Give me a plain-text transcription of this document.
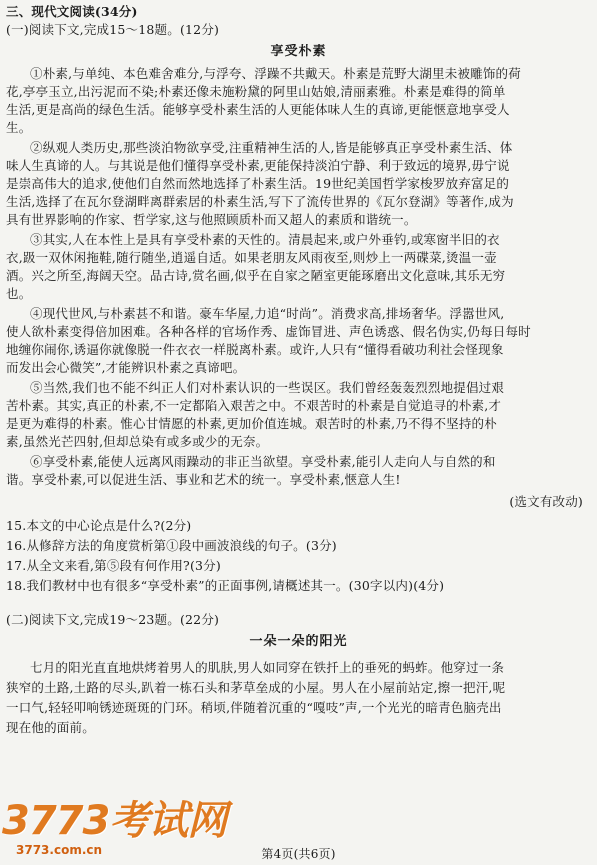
三、现代文阅读(34分)
(一)阅读下文,完成15～18题。(12分)
享受朴素
①朴素,与单纯、本色难舍难分,与浮夸、浮躁不共戴天。朴素是荒野大湖里未被雕饰的荷
花,亭亭玉立,出污泥而不染;朴素还像未施粉黛的阿里山姑娘,清丽素雅。朴素是难得的简单
生活,更是高尚的绿色生活。能够享受朴素生活的人更能体味人生的真谛,更能惬意地享受人
生。
②纵观人类历史,那些淡泊物欲享受,注重精神生活的人,皆是能够真正享受朴素生活、体
味人生真谛的人。与其说是他们懂得享受朴素,更能保持淡泊宁静、利于致远的境界,毋宁说
是崇高伟大的追求,使他们自然而然地选择了朴素生活。19世纪美国哲学家梭罗放弃富足的
生活,选择了在瓦尔登湖畔离群索居的朴素生活,写下了流传世界的《瓦尔登湖》等著作,成为
具有世界影响的作家、哲学家,这与他照顾质朴而又超人的素质和谐统一。
③其实,人在本性上是具有享受朴素的天性的。清晨起来,或户外垂钓,或寒窗半旧的衣
衣,趿一双休闲拖鞋,随行随坐,逍遥自适。如果老朋友风雨夜至,则炒上一两碟菜,烫温一壶
酒。兴之所至,海阔天空。品古诗,赏名画,似乎在自家之陋室更能琢磨出文化意味,其乐无穷
也。
④现代世风,与朴素甚不和谐。豪车华屋,力追“时尚”。消费求高,排场奢华。浮嚣世风,
使人欲朴素变得倍加困难。各种各样的官场作秀、虚饰冒进、声色诱惑、假名伪实,仍每日每时
地缠你闹你,诱逼你就像脱一件衣衣一样脱离朴素。或许,人只有“懂得看破功利社会怪现象
而发出会心微笑”,才能辨识朴素之真谛吧。
⑤当然,我们也不能不纠正人们对朴素认识的一些误区。我们曾经轰轰烈烈地提倡过艰
苦朴素。其实,真正的朴素,不一定都陷入艰苦之中。不艰苦时的朴素是自觉追寻的朴素,才
是更为难得的朴素。惟心甘情愿的朴素,更加价值连城。艰苦时的朴素,乃不得不坚持的朴
素,虽然光芒四射,但却总染有或多或少的无奈。
⑥享受朴素,能使人远离风雨躁动的非正当欲望。享受朴素,能引人走向人与自然的和
谐。享受朴素,可以促进生活、事业和艺术的统一。享受朴素,惬意人生!
(选文有改动)
15.本文的中心论点是什么?(2分)
16.从修辞方法的角度赏析第①段中画波浪线的句子。(3分)
17.从全文来看,第⑤段有何作用?(3分)
18.我们教材中也有很多“享受朴素”的正面事例,请概述其一。(30字以内)(4分)
(二)阅读下文,完成19～23题。(22分)
一朵一朵的阳光
七月的阳光直直地烘烤着男人的肌肤,男人如同穿在铁扦上的垂死的蚂蚱。他穿过一条
狭窄的土路,土路的尽头,趴着一栋石头和茅草垒成的小屋。男人在小屋前站定,擦一把汗,呢
一口气,轻轻叩响锈迹斑斑的门环。稍顷,伴随着沉重的“嘎吱”声,一个光光的暗青色脑壳出
现在他的面前。
3773考试网
3773.com.cn	第4页(共6页)
